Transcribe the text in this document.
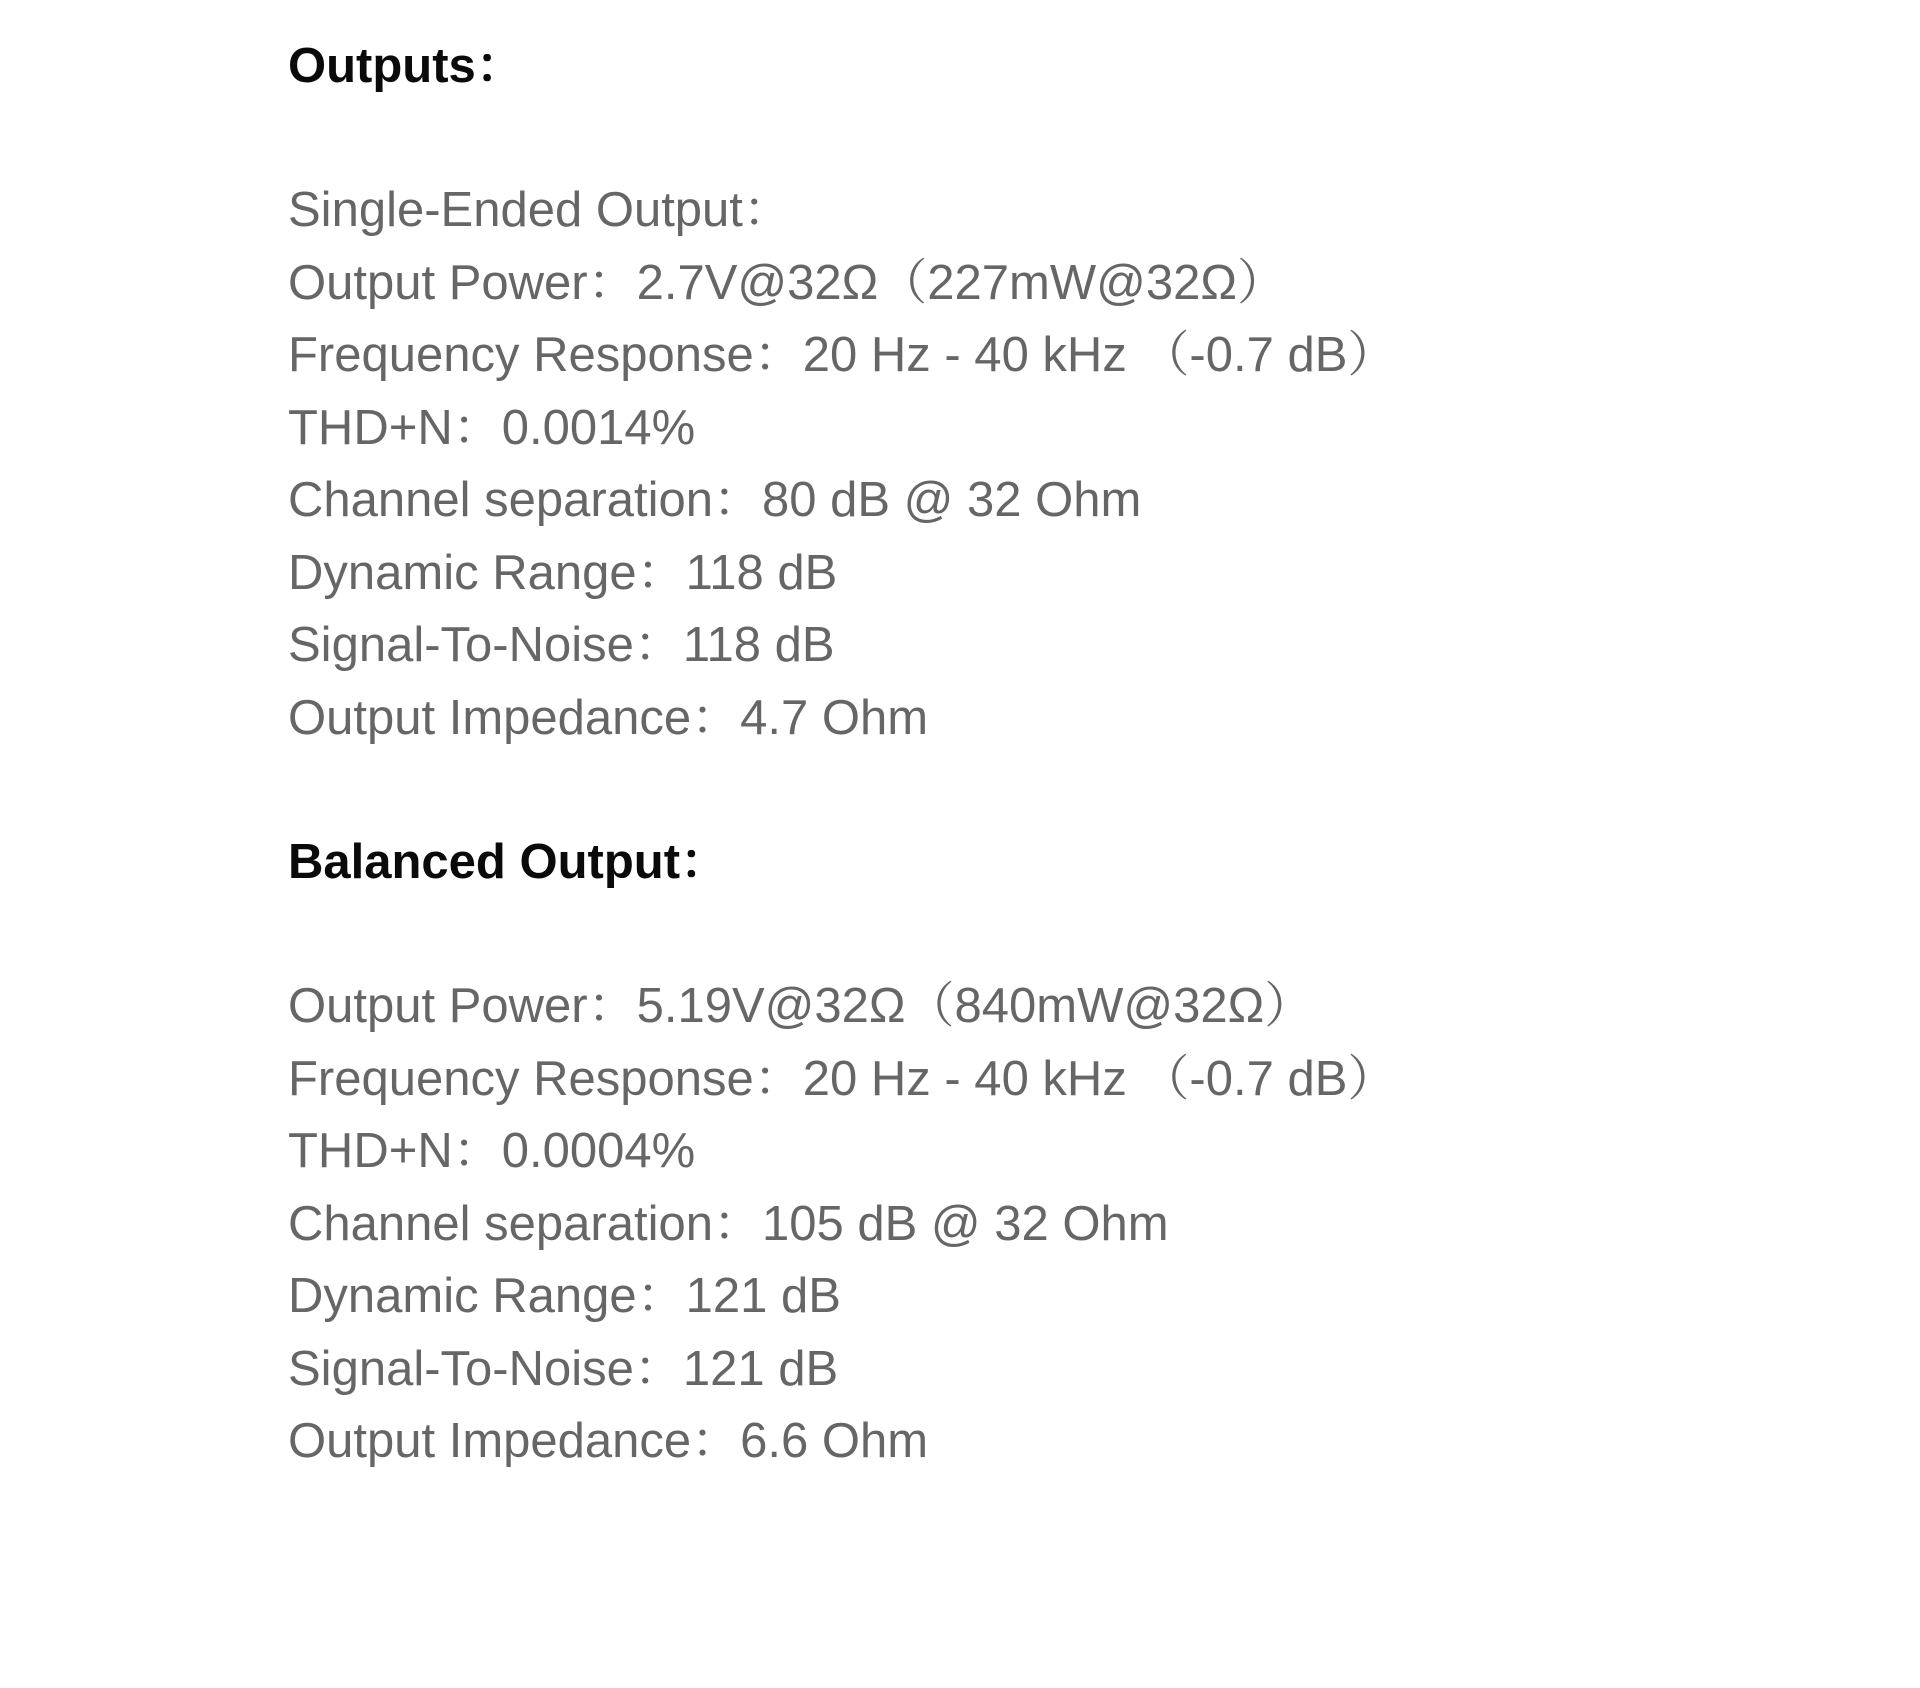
Outputs：
Single-Ended Output：
Output Power：2.7V@32Ω（227mW@32Ω）
Frequency Response：20 Hz - 40 kHz （-0.7 dB）
THD+N：0.0014%
Channel separation：80 dB @ 32 Ohm
Dynamic Range：118 dB
Signal-To-Noise：118 dB
Output Impedance：4.7 Ohm
Balanced Output：
Output Power：5.19V@32Ω（840mW@32Ω）
Frequency Response：20 Hz - 40 kHz （-0.7 dB）
THD+N：0.0004%
Channel separation：105 dB @ 32 Ohm
Dynamic Range：121 dB
Signal-To-Noise：121 dB
Output Impedance：6.6 Ohm
